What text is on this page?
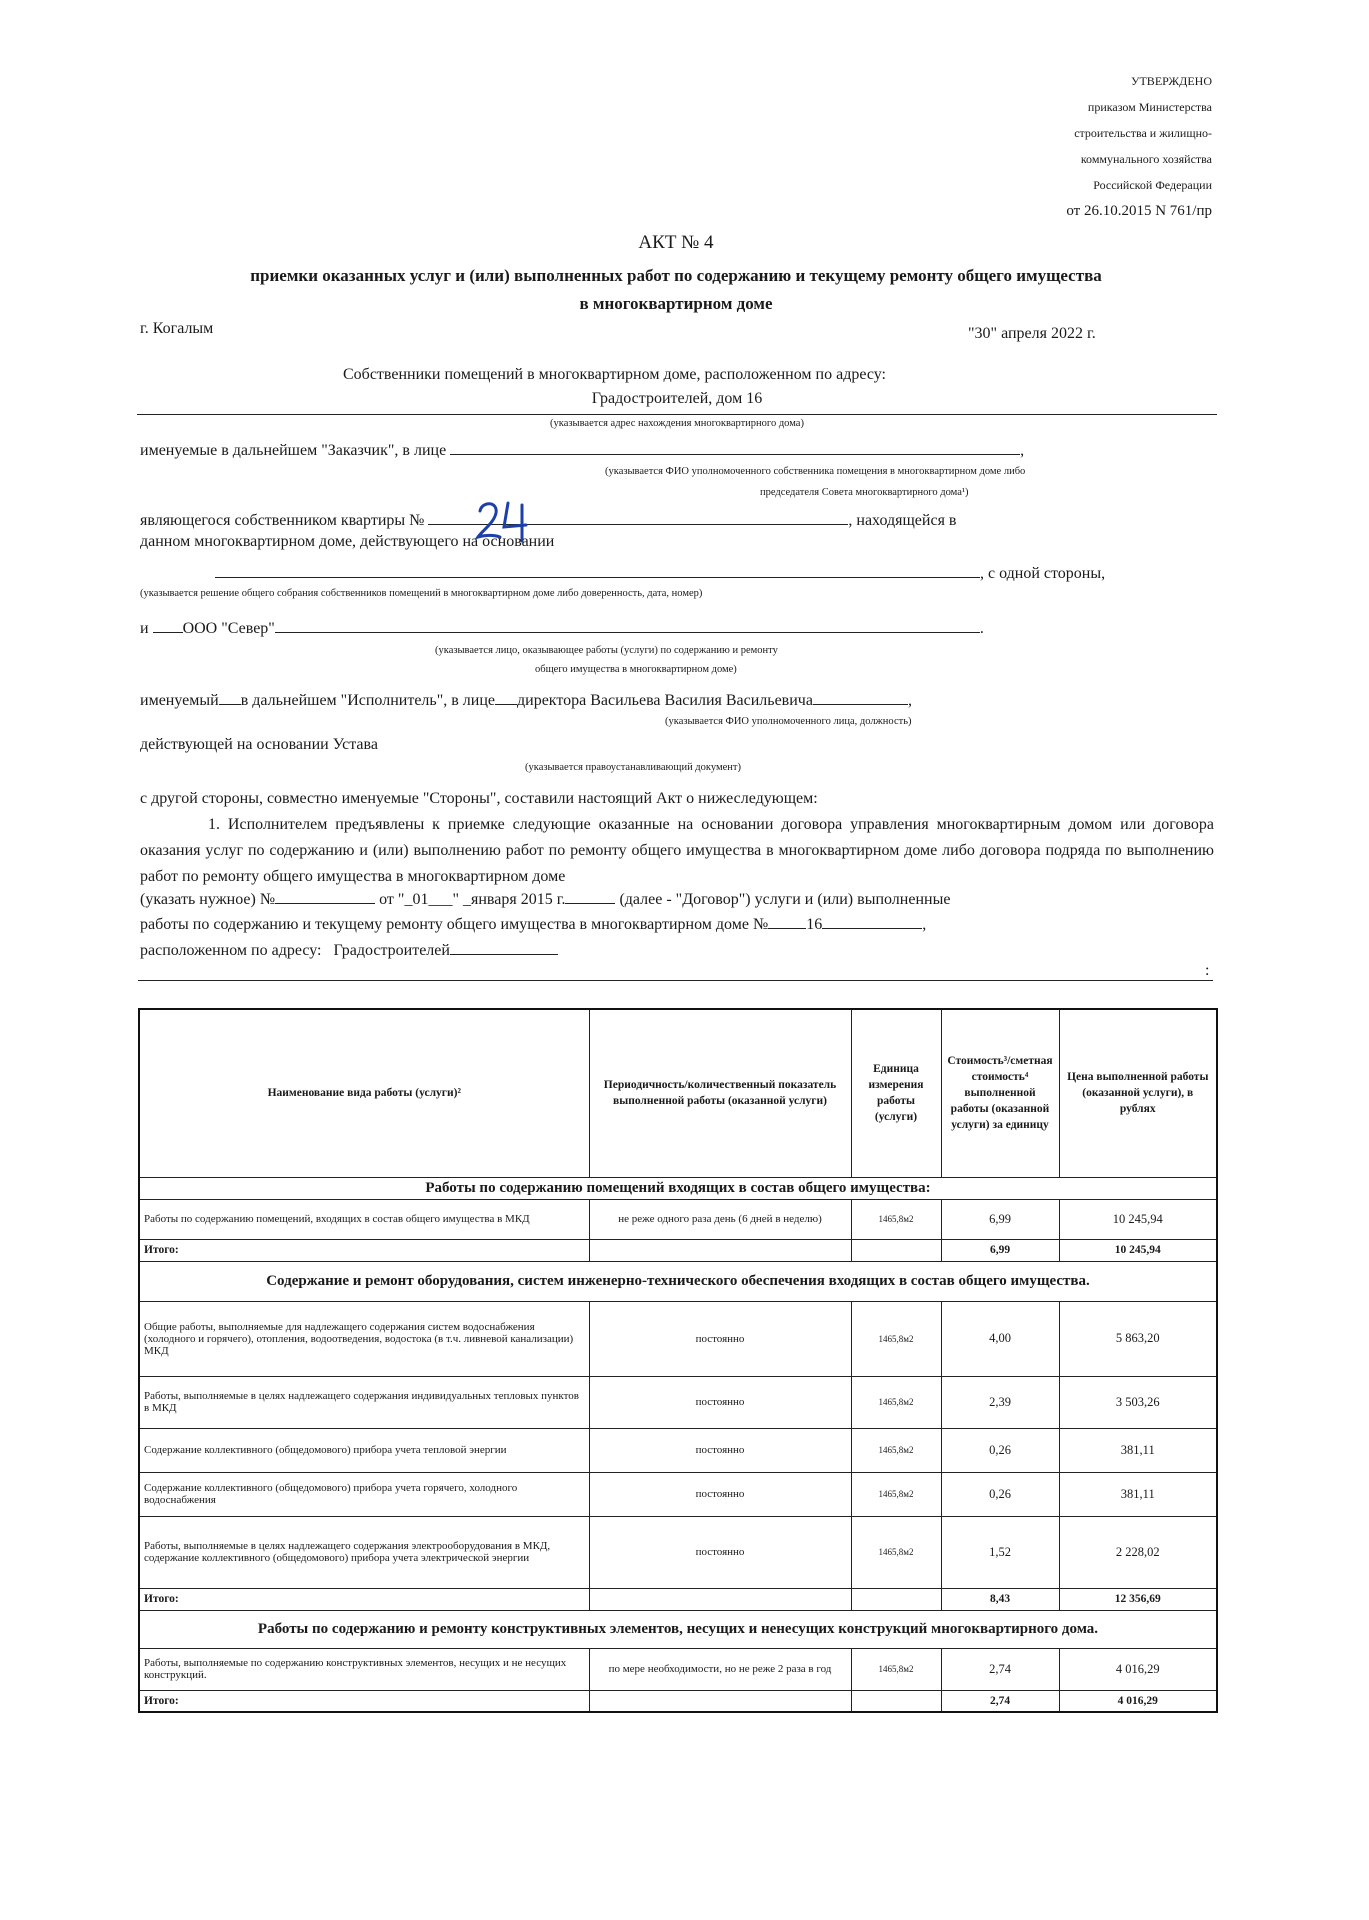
УТВЕРЖДЕНО
приказом Министерства
строительства и жилищно-
коммунального хозяйства
Российской Федерации
от 26.10.2015 N 761/пр
АКТ № 4
приемки оказанных услуг и (или) выполненных работ по содержанию и текущему ремонту общего имущества
в многоквартирном доме
г. Когалым	"30" апреля 2022 г.
Собственники помещений в многоквартирном доме, расположенном по адресу:
Градостроителей, дом 16
(указывается адрес нахождения многоквартирного дома)
именуемые в дальнейшем "Заказчик", в лице	,
(указывается ФИО уполномоченного собственника помещения в многоквартирном доме либо
председателя Совета многоквартирного дома¹)
являющегося собственником квартиры №	, находящейся в
данном многоквартирном доме, действующего на основании
, с одной стороны,
(указывается решение общего собрания собственников помещений в многоквартирном доме либо доверенность, дата, номер)
и ООО "Север"	.
(указывается лицо, оказывающее работы (услуги) по содержанию и ремонту
общего имущества в многоквартирном доме)
именуемый в дальнейшем "Исполнитель", в лице директора Васильева Василия Васильевича	,
(указывается ФИО уполномоченного лица, должность)
действующей на основании Устава
(указывается правоустанавливающий документ)
с другой стороны, совместно именуемые "Стороны", составили настоящий Акт о нижеследующем:
1. Исполнителем предъявлены к приемке следующие оказанные на основании договора управления многоквартирным домом или договора оказания услуг по содержанию и (или) выполнению работ по ремонту общего имущества в многоквартирном доме либо договора подряда по выполнению работ по ремонту общего имущества в многоквартирном доме
(указать нужное) №	от "_01___" _января 2015 г.	(далее - "Договор") услуги и (или) выполненные
работы по содержанию и текущему ремонту общего имущества в многоквартирном доме № 16	,
расположенном по адресу: Градостроителей
:
Наименование вида работы (услуги)²	Периодичность/количественный показатель выполненной работы (оказанной услуги)	Единица измерения работы (услуги)	Стоимость³/сметная стоимость⁴ выполненной работы (оказанной услуги) за единицу	Цена выполненной работы (оказанной услуги), в рублях
Работы по содержанию помещений входящих в состав общего имущества:				
Работы по содержанию помещений, входящих в состав общего имущества в МКД	не реже одного раза день (6 дней в неделю)	1465,8м2	6,99	10 245,94
Итого:			6,99	10 245,94
Содержание и ремонт оборудования, систем инженерно-технического обеспечения входящих в состав общего имущества.				
Общие работы, выполняемые для надлежащего содержания систем водоснабжения (холодного и горячего), отопления, водоотведения, водостока (в т.ч. ливневой канализации) МКД	постоянно	1465,8м2	4,00	5 863,20
Работы, выполняемые в целях надлежащего содержания индивидуальных тепловых пунктов в МКД	постоянно	1465,8м2	2,39	3 503,26
Содержание коллективного (общедомового) прибора учета тепловой энергии	постоянно	1465,8м2	0,26	381,11
Содержание коллективного (общедомового) прибора учета горячего, холодного водоснабжения	постоянно	1465,8м2	0,26	381,11
Работы, выполняемые в целях надлежащего содержания электрооборудования в МКД, содержание коллективного (общедомового) прибора учета электрической энергии	постоянно	1465,8м2	1,52	2 228,02
Итого:			8,43	12 356,69
Работы по содержанию и ремонту конструктивных элементов, несущих и ненесущих конструкций многоквартирного дома.				
Работы, выполняемые по содержанию конструктивных элементов, несущих и не несущих конструкций.	по мере необходимости, но не реже 2 раза в год	1465,8м2	2,74	4 016,29
Итого:			2,74	4 016,29
